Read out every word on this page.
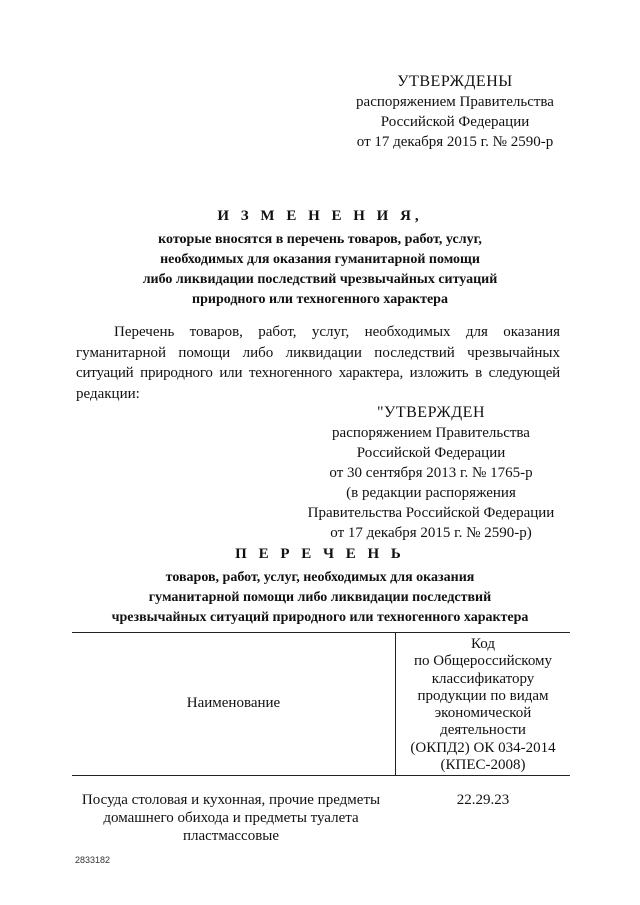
УТВЕРЖДЕНЫ
распоряжением Правительства
Российской Федерации
от 17 декабря 2015 г. № 2590-р
И З М Е Н Е Н И Я,
которые вносятся в перечень товаров, работ, услуг,
необходимых для оказания гуманитарной помощи
либо ликвидации последствий чрезвычайных ситуаций
природного или техногенного характера
Перечень товаров, работ, услуг, необходимых для оказания
гуманитарной помощи либо ликвидации последствий чрезвычайных
ситуаций природного или техногенного характера, изложить в следующей
редакции:
"УТВЕРЖДЕН
распоряжением Правительства
Российской Федерации
от 30 сентября 2013 г. № 1765-р
(в редакции распоряжения
Правительства Российской Федерации
от 17 декабря 2015 г. № 2590-р)
П Е Р Е Ч Е Н Ь
товаров, работ, услуг, необходимых для оказания
гуманитарной помощи либо ликвидации последствий
чрезвычайных ситуаций природного или техногенного характера
Наименование
Код
по Общероссийскому
классификатору
продукции по видам
экономической
деятельности
(ОКПД2) ОК 034-2014
(КПЕС-2008)
Посуда столовая и кухонная, прочие предметы
домашнего обихода и предметы туалета
пластмассовые
22.29.23
2833182
